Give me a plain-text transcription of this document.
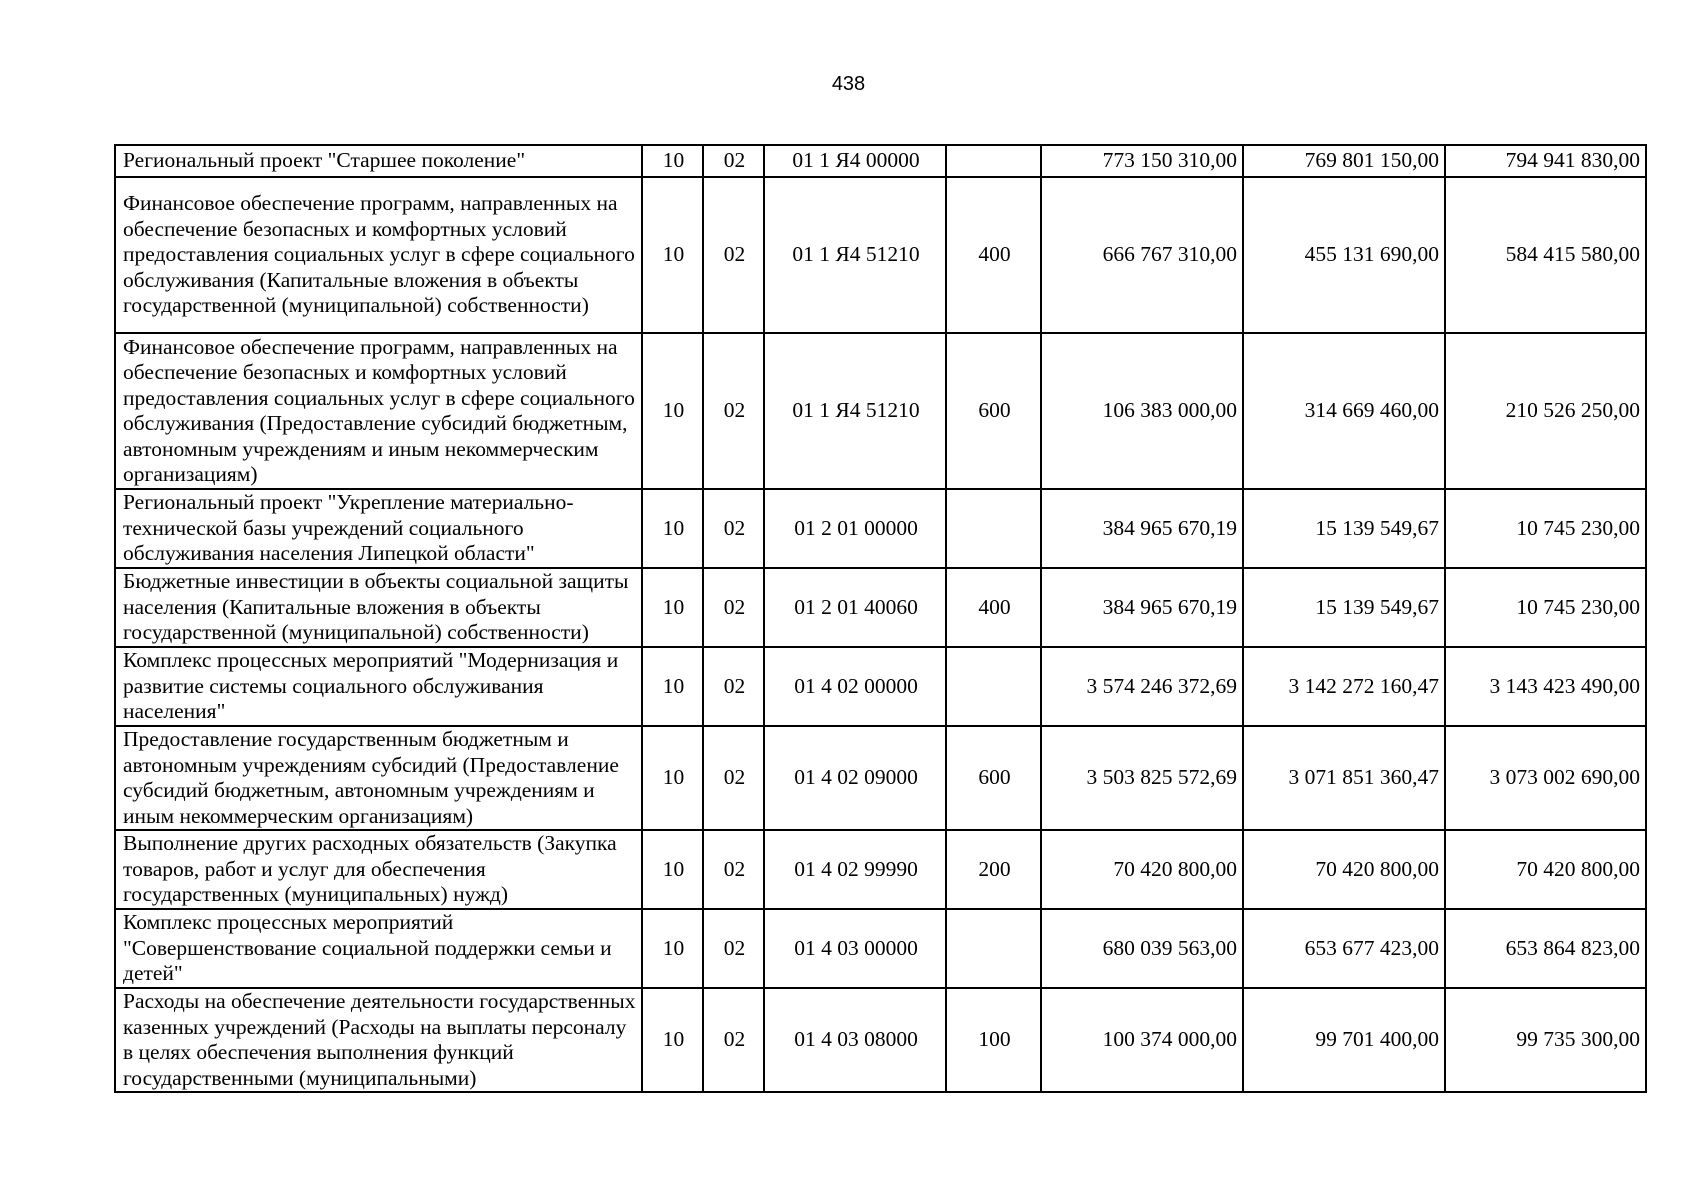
438
Региональный проект "Старшее поколение"	10	02	01 1 Я4 00000		773 150 310,00	769 801 150,00	794 941 830,00
Финансовое обеспечение программ, направленных на обеспечение безопасных и комфортных условий предоставления социальных услуг в сфере социального обслуживания (Капитальные вложения в объекты государственной (муниципальной) собственности)	10	02	01 1 Я4 51210	400	666 767 310,00	455 131 690,00	584 415 580,00
Финансовое обеспечение программ, направленных на обеспечение безопасных и комфортных условий предоставления социальных услуг в сфере социального обслуживания (Предоставление субсидий бюджетным, автономным учреждениям и иным некоммерческим организациям)	10	02	01 1 Я4 51210	600	106 383 000,00	314 669 460,00	210 526 250,00
Региональный проект "Укрепление материально-технической базы учреждений социального обслуживания населения Липецкой области"	10	02	01 2 01 00000		384 965 670,19	15 139 549,67	10 745 230,00
Бюджетные инвестиции в объекты социальной защиты населения (Капитальные вложения в объекты государственной (муниципальной) собственности)	10	02	01 2 01 40060	400	384 965 670,19	15 139 549,67	10 745 230,00
Комплекс процессных мероприятий "Модернизация и развитие системы социального обслуживания населения"	10	02	01 4 02 00000		3 574 246 372,69	3 142 272 160,47	3 143 423 490,00
Предоставление государственным бюджетным и автономным учреждениям субсидий (Предоставление субсидий бюджетным, автономным учреждениям и иным некоммерческим организациям)	10	02	01 4 02 09000	600	3 503 825 572,69	3 071 851 360,47	3 073 002 690,00
Выполнение других расходных обязательств (Закупка товаров, работ и услуг для обеспечения государственных (муниципальных) нужд)	10	02	01 4 02 99990	200	70 420 800,00	70 420 800,00	70 420 800,00
Комплекс процессных мероприятий "Совершенствование социальной поддержки семьи и детей"	10	02	01 4 03 00000		680 039 563,00	653 677 423,00	653 864 823,00
Расходы на обеспечение деятельности государственных казенных учреждений (Расходы на выплаты персоналу в целях обеспечения выполнения функций государственными (муниципальными)	10	02	01 4 03 08000	100	100 374 000,00	99 701 400,00	99 735 300,00
